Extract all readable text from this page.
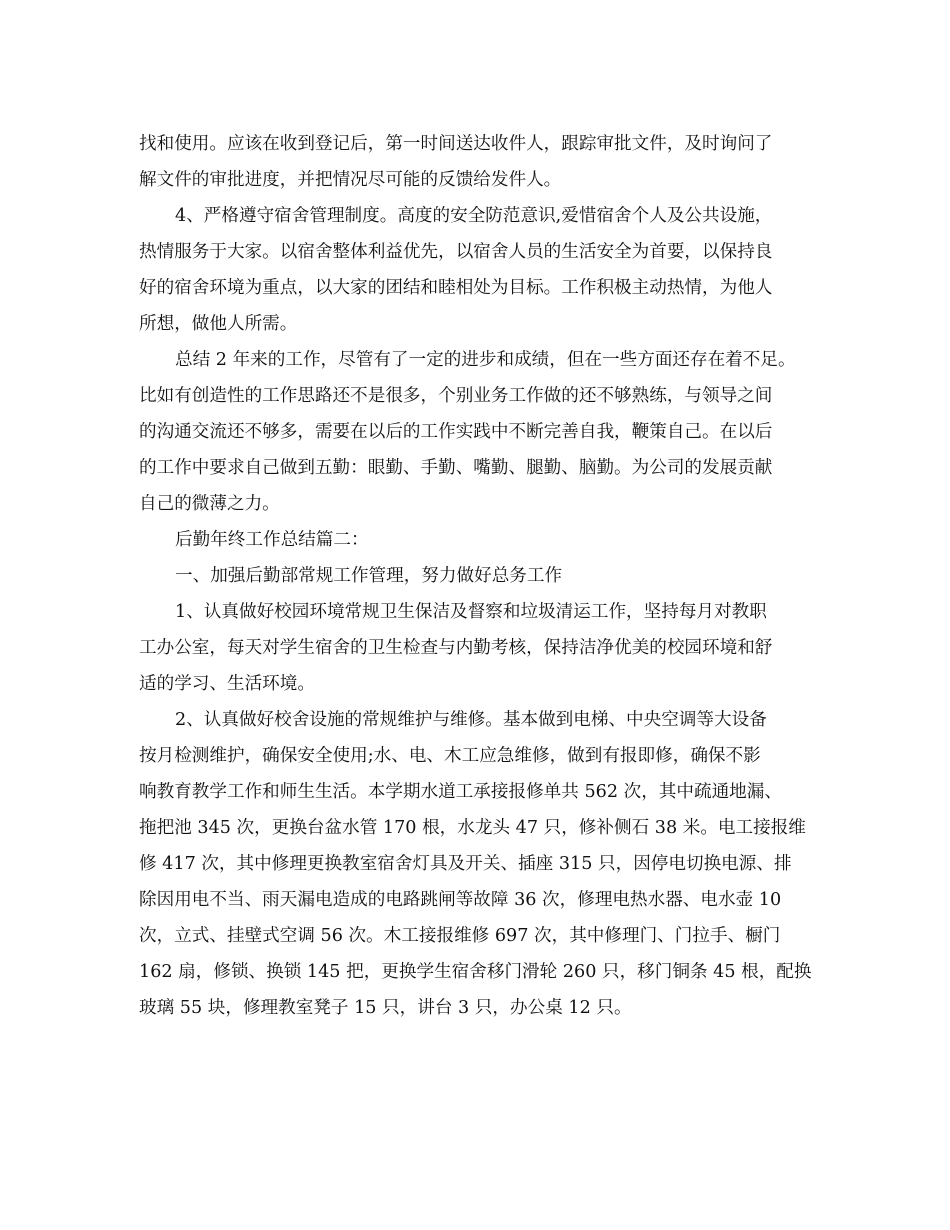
找和使用。应该在收到登记后，第一时间送达收件人，跟踪审批文件，及时询问了
解文件的审批进度，并把情况尽可能的反馈给发件人。
4、严格遵守宿舍管理制度。高度的安全防范意识,爱惜宿舍个人及公共设施，
热情服务于大家。以宿舍整体利益优先，以宿舍人员的生活安全为首要，以保持良
好的宿舍环境为重点，以大家的团结和睦相处为目标。工作积极主动热情，为他人
所想，做他人所需。
总结 2 年来的工作，尽管有了一定的进步和成绩，但在一些方面还存在着不足。
比如有创造性的工作思路还不是很多，个别业务工作做的还不够熟练，与领导之间
的沟通交流还不够多，需要在以后的工作实践中不断完善自我，鞭策自己。在以后
的工作中要求自己做到五勤：眼勤、手勤、嘴勤、腿勤、脑勤。为公司的发展贡献
自己的微薄之力。
后勤年终工作总结篇二：
一、加强后勤部常规工作管理，努力做好总务工作
1、认真做好校园环境常规卫生保洁及督察和垃圾清运工作，坚持每月对教职
工办公室，每天对学生宿舍的卫生检查与内勤考核，保持洁净优美的校园环境和舒
适的学习、生活环境。
2、认真做好校舍设施的常规维护与维修。基本做到电梯、中央空调等大设备
按月检测维护，确保安全使用;水、电、木工应急维修，做到有报即修，确保不影
响教育教学工作和师生生活。本学期水道工承接报修单共 562 次，其中疏通地漏、
拖把池 345 次，更换台盆水管 170 根，水龙头 47 只，修补侧石 38 米。电工接报维
修 417 次，其中修理更换教室宿舍灯具及开关、插座 315 只，因停电切换电源、排
除因用电不当、雨天漏电造成的电路跳闸等故障 36 次，修理电热水器、电水壶 10
次，立式、挂壁式空调 56 次。木工接报维修 697 次，其中修理门、门拉手、橱门
162 扇，修锁、换锁 145 把，更换学生宿舍移门滑轮 260 只，移门铜条 45 根，配换
玻璃 55 块，修理教室凳子 15 只，讲台 3 只，办公桌 12 只。
